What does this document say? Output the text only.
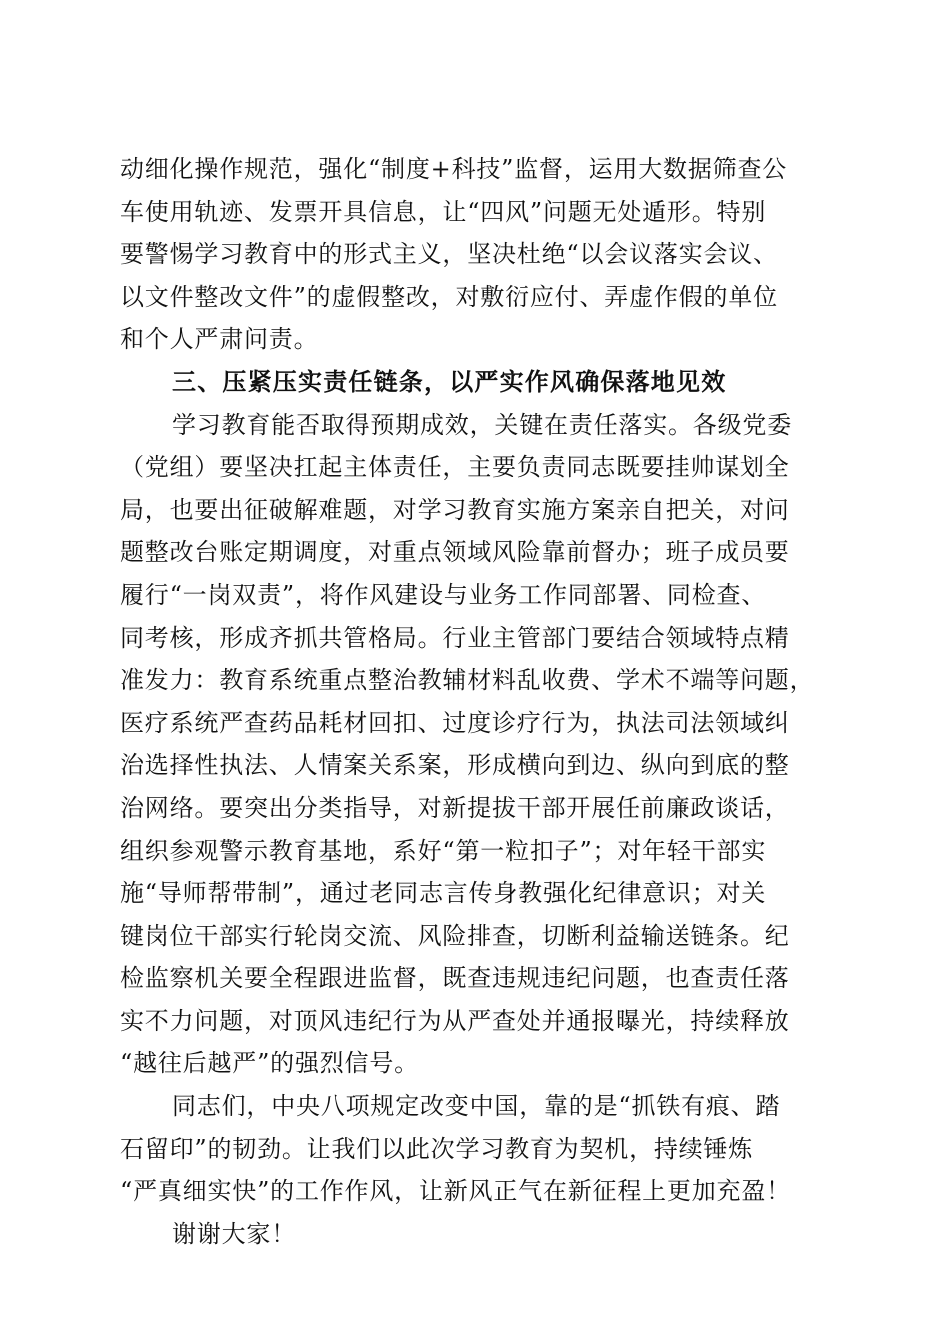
动细化操作规范，强化“制度+科技”监督，运用大数据筛查公
车使用轨迹、发票开具信息，让“四风”问题无处遁形。特别
要警惕学习教育中的形式主义，坚决杜绝“以会议落实会议、
以文件整改文件”的虚假整改，对敷衍应付、弄虚作假的单位
和个人严肃问责。
三、压紧压实责任链条，以严实作风确保落地见效
学习教育能否取得预期成效，关键在责任落实。各级党委
（党组）要坚决扛起主体责任，主要负责同志既要挂帅谋划全
局，也要出征破解难题，对学习教育实施方案亲自把关，对问
题整改台账定期调度，对重点领域风险靠前督办；班子成员要
履行“一岗双责”，将作风建设与业务工作同部署、同检查、
同考核，形成齐抓共管格局。行业主管部门要结合领域特点精
准发力：教育系统重点整治教辅材料乱收费、学术不端等问题，
医疗系统严查药品耗材回扣、过度诊疗行为，执法司法领域纠
治选择性执法、人情案关系案，形成横向到边、纵向到底的整
治网络。要突出分类指导，对新提拔干部开展任前廉政谈话，
组织参观警示教育基地，系好“第一粒扣子”；对年轻干部实
施“导师帮带制”，通过老同志言传身教强化纪律意识；对关
键岗位干部实行轮岗交流、风险排查，切断利益输送链条。纪
检监察机关要全程跟进监督，既查违规违纪问题，也查责任落
实不力问题，对顶风违纪行为从严查处并通报曝光，持续释放
“越往后越严”的强烈信号。
同志们，中央八项规定改变中国，靠的是“抓铁有痕、踏
石留印”的韧劲。让我们以此次学习教育为契机，持续锤炼
“严真细实快”的工作作风，让新风正气在新征程上更加充盈！
谢谢大家！
